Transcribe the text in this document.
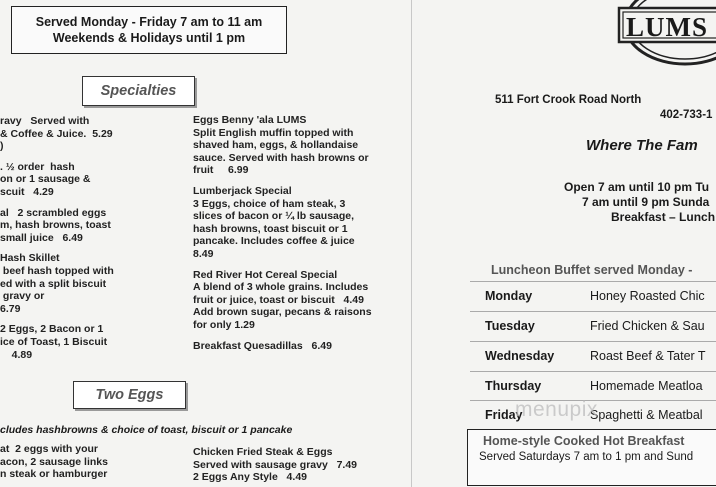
Served Monday - Friday 7 am to 11 am
Weekends & Holidays until 1 pm
Specialties
ravy   Served with
& Coffee & Juice.  5.29
)

. ½ order  hash
on or 1 sausage &
scuit   4.29

al   2 scrambled eggs
m, hash browns, toast
small juice   6.49

Hash Skillet
beef hash topped with
ed with a split biscuit
gravy or
6.79

2 Eggs, 2 Bacon or 1
ice of Toast, 1 Biscuit
4.89
Eggs Benny 'ala LUMS
Split English muffin topped with
shaved ham, eggs, & hollandaise
sauce. Served with hash browns or
fruit     6.99

Lumberjack Special
3 Eggs, choice of ham steak, 3
slices of bacon or ¼ lb sausage,
hash browns, toast biscuit or 1
pancake. Includes coffee & juice
8.49

Red River Hot Cereal Special
A blend of 3 whole grains. Includes
fruit or juice, toast or biscuit   4.49
Add brown sugar, pecans & raisons
for only 1.29

Breakfast Quesadillas   6.49
Two Eggs
cludes hashbrowns & choice of toast, biscuit or 1 pancake
at  2 eggs with your
acon, 2 sausage links
n steak or hamburger
Chicken Fried Steak & Eggs
Served with sausage gravy   7.49
2 Eggs Any Style   4.49
LUMS
511 Fort Crook Road North
402-733-1
Where The Fam
Open 7 am until 10 pm Tu
7 am until 9 pm Sunda
Breakfast – Lunch
Luncheon Buffet served Monday -
Monday	Honey Roasted Chic
Tuesday	Fried Chicken & Sau
Wednesday	Roast Beef & Tater T
Thursday	Homemade Meatloa
Friday	Spaghetti & Meatbal
menupix
Home-style Cooked Hot Breakfast
Served Saturdays 7 am to 1 pm and Sund
